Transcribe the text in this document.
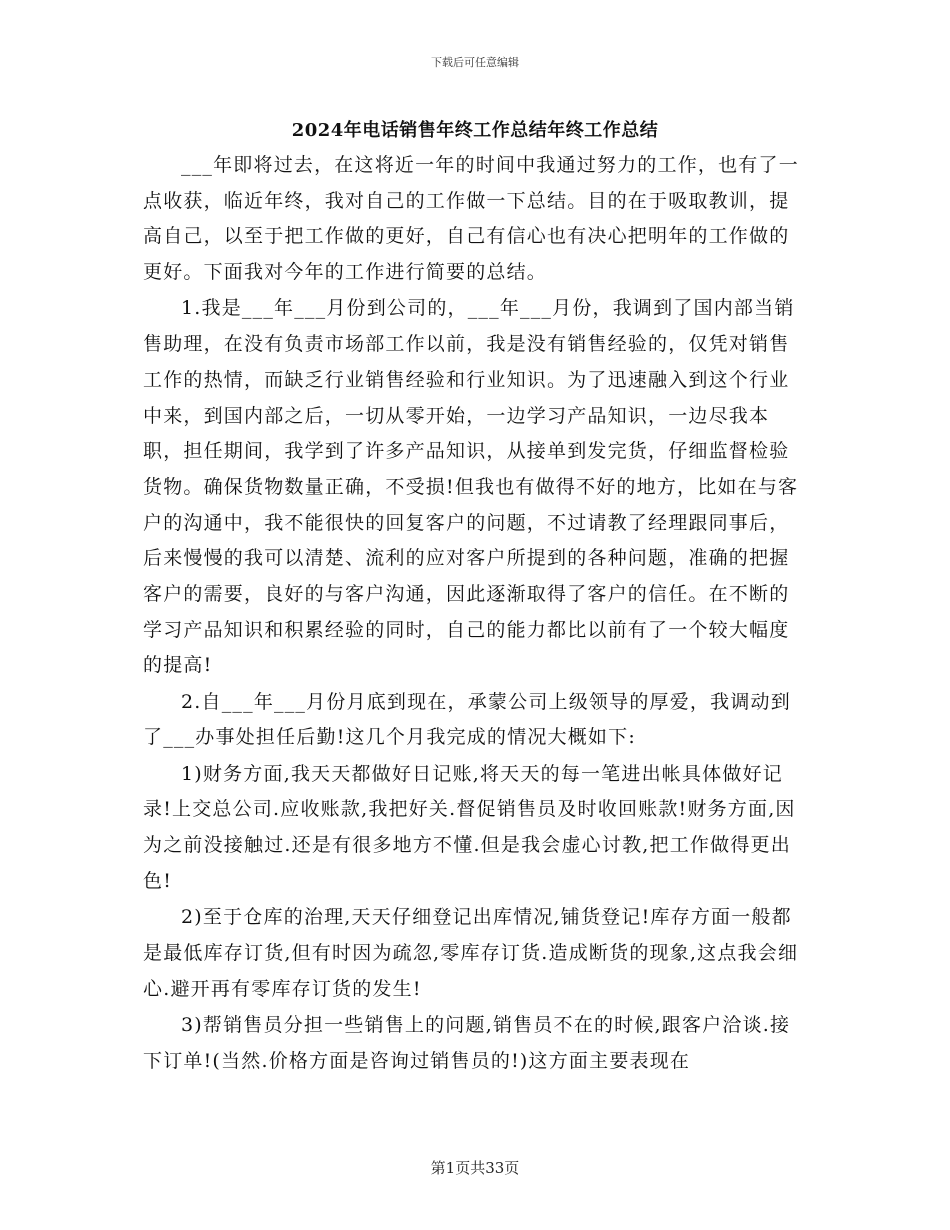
下载后可任意编辑
2024年电话销售年终工作总结年终工作总结

___年即将过去，在这将近一年的时间中我通过努力的工作，也有了一点收获，临近年终，我对自己的工作做一下总结。目的在于吸取教训，提高自己，以至于把工作做的更好，自己有信心也有决心把明年的工作做的更好。下面我对今年的工作进行简要的总结。

1.我是___年___月份到公司的，___年___月份，我调到了国内部当销售助理，在没有负责市场部工作以前，我是没有销售经验的，仅凭对销售工作的热情，而缺乏行业销售经验和行业知识。为了迅速融入到这个行业中来，到国内部之后，一切从零开始，一边学习产品知识，一边尽我本职，担任期间，我学到了许多产品知识，从接单到发完货，仔细监督检验货物。确保货物数量正确，不受损!但我也有做得不好的地方，比如在与客户的沟通中，我不能很快的回复客户的问题，不过请教了经理跟同事后，后来慢慢的我可以清楚、流利的应对客户所提到的各种问题，准确的把握客户的需要，良好的与客户沟通，因此逐渐取得了客户的信任。在不断的学习产品知识和积累经验的同时，自己的能力都比以前有了一个较大幅度的提高!

2.自___年___月份月底到现在，承蒙公司上级领导的厚爱，我调动到了___办事处担任后勤!这几个月我完成的情况大概如下:

1)财务方面,我天天都做好日记账,将天天的每一笔进出帐具体做好记录!上交总公司.应收账款,我把好关.督促销售员及时收回账款!财务方面,因为之前没接触过.还是有很多地方不懂.但是我会虚心讨教,把工作做得更出色!

2)至于仓库的治理,天天仔细登记出库情况,铺货登记!库存方面一般都是最低库存订货,但有时因为疏忽,零库存订货.造成断货的现象,这点我会细心.避开再有零库存订货的发生!

3)帮销售员分担一些销售上的问题,销售员不在的时候,跟客户洽谈.接下订单!(当然.价格方面是咨询过销售员的!)这方面主要表现在

第1页共33页
